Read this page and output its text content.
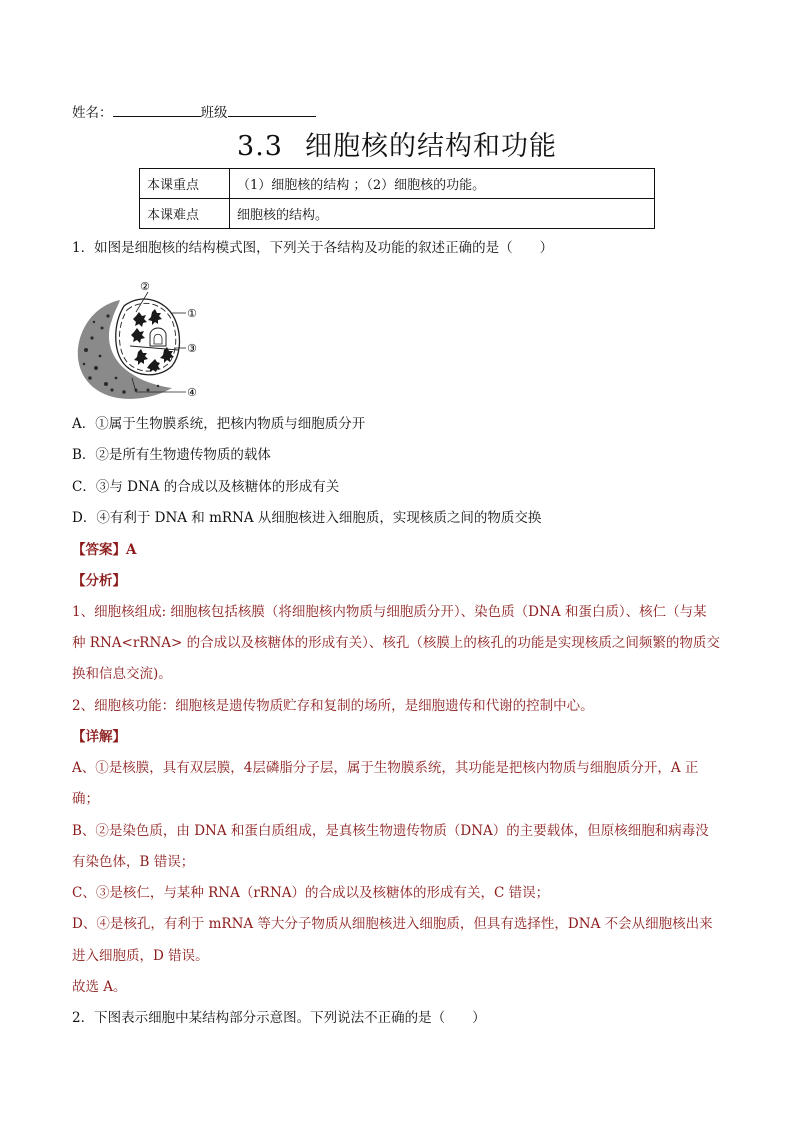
姓名：	班级
3.3 细胞核的结构和功能
本课重点	（1）细胞核的结构 ；（2）细胞核的功能。
本课难点	细胞核的结构。
1．如图是细胞核的结构模式图，下列关于各结构及功能的叙述正确的是（　　）
②
①
③
④
A．①属于生物膜系统，把核内物质与细胞质分开
B．②是所有生物遗传物质的载体
C．③与 DNA 的合成以及核糖体的形成有关
D．④有利于 DNA 和 mRNA 从细胞核进入细胞质，实现核质之间的物质交换
【答案】A
【分析】
1、细胞核组成: 细胞核包括核膜（将细胞核内物质与细胞质分开）、染色质（DNA 和蛋白质）、核仁（与某
种 RNA<rRNA> 的合成以及核糖体的形成有关）、核孔（核膜上的核孔的功能是实现核质之间频繁的物质交
换和信息交流)。
2、细胞核功能：细胞核是遗传物质贮存和复制的场所，是细胞遗传和代谢的控制中心。
【详解】
A、①是核膜，具有双层膜，4层磷脂分子层，属于生物膜系统，其功能是把核内物质与细胞质分开，A 正
确；
B、②是染色质，由 DNA 和蛋白质组成，是真核生物遗传物质（DNA）的主要载体，但原核细胞和病毒没
有染色体，B 错误；
C、③是核仁，与某种 RNA（rRNA）的合成以及核糖体的形成有关，C 错误；
D、④是核孔，有利于 mRNA 等大分子物质从细胞核进入细胞质，但具有选择性，DNA 不会从细胞核出来
进入细胞质，D 错误。
故选 A。
2．下图表示细胞中某结构部分示意图。下列说法不正确的是（　　）
